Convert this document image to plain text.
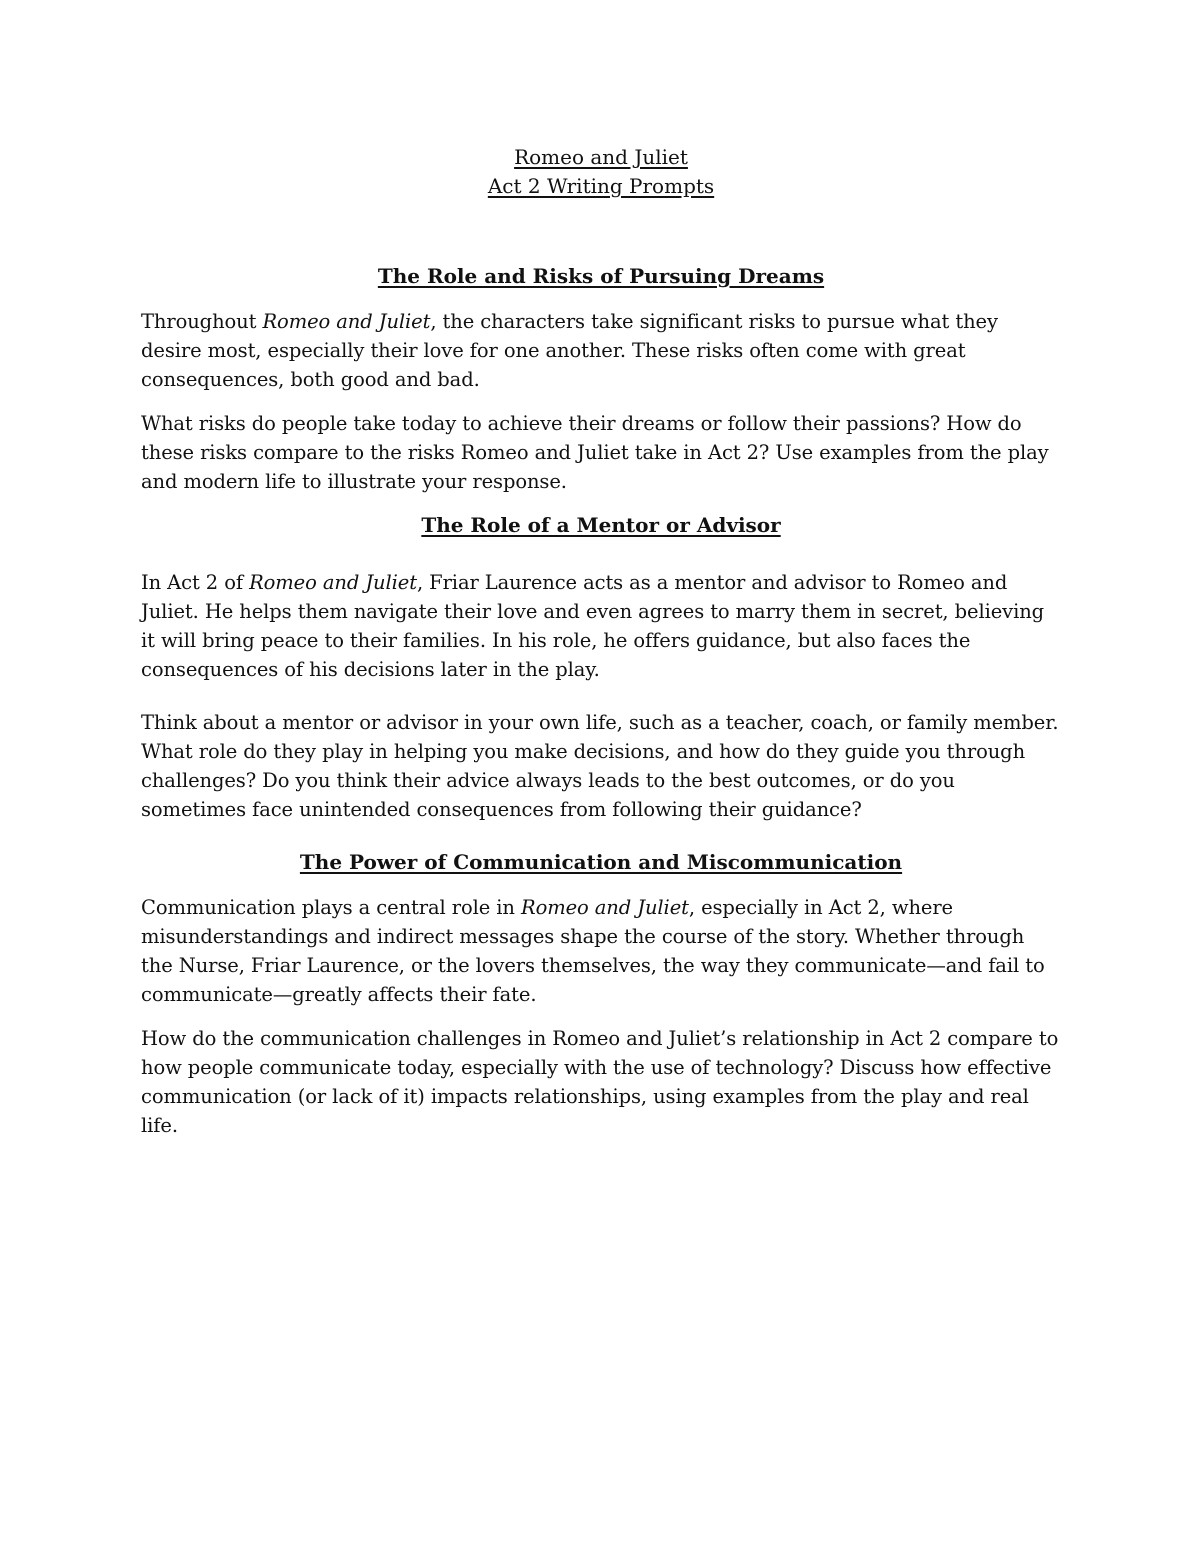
Romeo and Juliet

Act 2 Writing Prompts

The Role and Risks of Pursuing Dreams

Throughout Romeo and Juliet, the characters take significant risks to pursue what they desire most, especially their love for one another. These risks often come with great consequences, both good and bad.

What risks do people take today to achieve their dreams or follow their passions? How do these risks compare to the risks Romeo and Juliet take in Act 2? Use examples from the play and modern life to illustrate your response.

The Role of a Mentor or Advisor

In Act 2 of Romeo and Juliet, Friar Laurence acts as a mentor and advisor to Romeo and Juliet. He helps them navigate their love and even agrees to marry them in secret, believing it will bring peace to their families. In his role, he offers guidance, but also faces the consequences of his decisions later in the play.

Think about a mentor or advisor in your own life, such as a teacher, coach, or family member. What role do they play in helping you make decisions, and how do they guide you through challenges? Do you think their advice always leads to the best outcomes, or do you sometimes face unintended consequences from following their guidance?

The Power of Communication and Miscommunication

Communication plays a central role in Romeo and Juliet, especially in Act 2, where misunderstandings and indirect messages shape the course of the story. Whether through the Nurse, Friar Laurence, or the lovers themselves, the way they communicate—and fail to communicate—greatly affects their fate.

How do the communication challenges in Romeo and Juliet’s relationship in Act 2 compare to how people communicate today, especially with the use of technology? Discuss how effective communication (or lack of it) impacts relationships, using examples from the play and real life.
